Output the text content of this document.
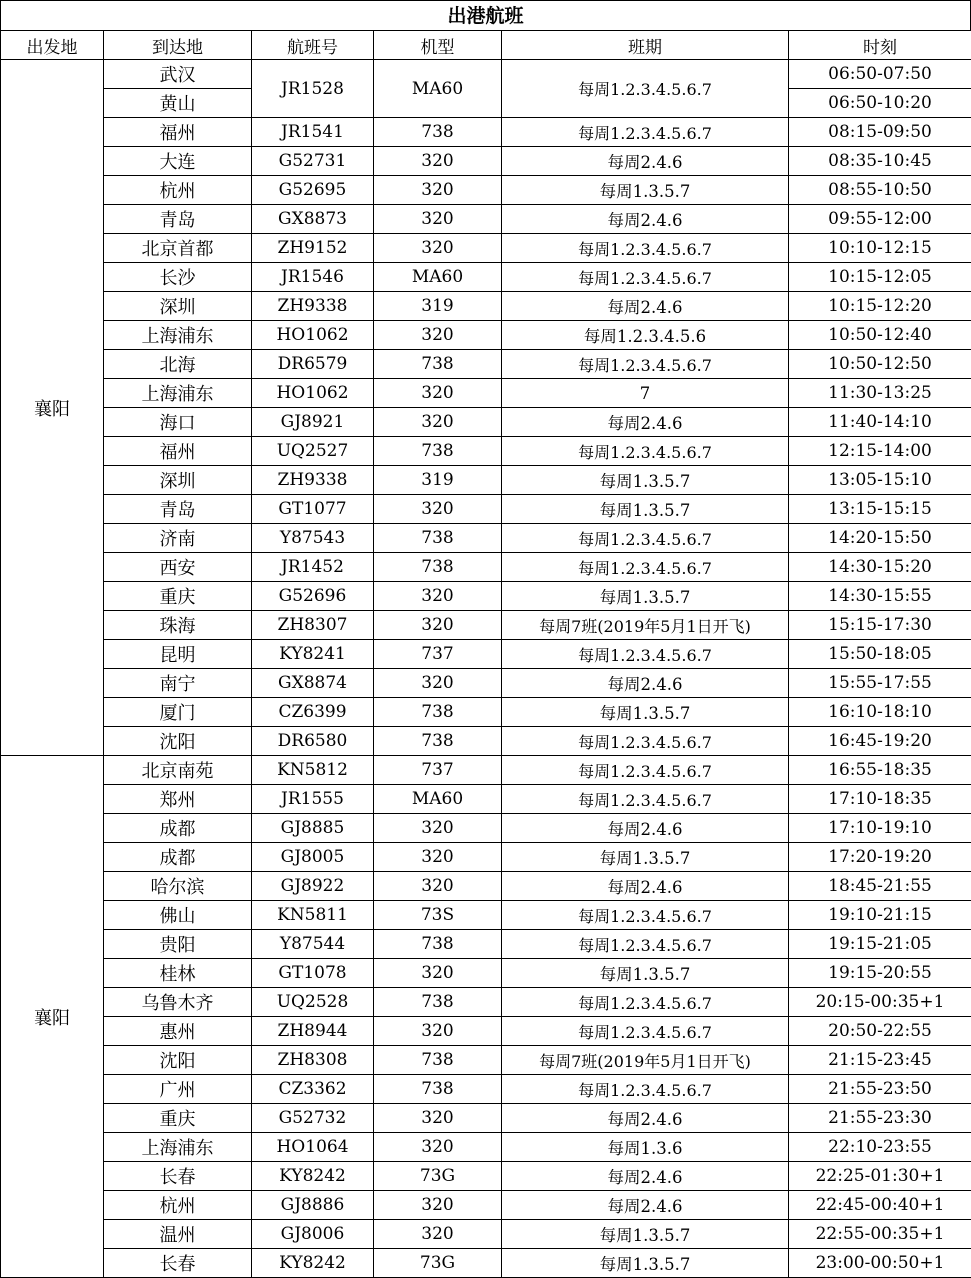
出港航班
出发地	到达地	航班号	机型	班期	时刻
襄阳	武汉	JR1528	MA60	每周1.2.3.4.5.6.7	06:50-07:50
	黄山				06:50-10:20
	福州	JR1541	738	每周1.2.3.4.5.6.7	08:15-09:50
	大连	G52731	320	每周2.4.6	08:35-10:45
	杭州	G52695	320	每周1.3.5.7	08:55-10:50
	青岛	GX8873	320	每周2.4.6	09:55-12:00
	北京首都	ZH9152	320	每周1.2.3.4.5.6.7	10:10-12:15
	长沙	JR1546	MA60	每周1.2.3.4.5.6.7	10:15-12:05
	深圳	ZH9338	319	每周2.4.6	10:15-12:20
	上海浦东	HO1062	320	每周1.2.3.4.5.6	10:50-12:40
	北海	DR6579	738	每周1.2.3.4.5.6.7	10:50-12:50
	上海浦东	HO1062	320	7	11:30-13:25
	海口	GJ8921	320	每周2.4.6	11:40-14:10
	福州	UQ2527	738	每周1.2.3.4.5.6.7	12:15-14:00
	深圳	ZH9338	319	每周1.3.5.7	13:05-15:10
	青岛	GT1077	320	每周1.3.5.7	13:15-15:15
	济南	Y87543	738	每周1.2.3.4.5.6.7	14:20-15:50
	西安	JR1452	738	每周1.2.3.4.5.6.7	14:30-15:20
	重庆	G52696	320	每周1.3.5.7	14:30-15:55
	珠海	ZH8307	320	每周7班(2019年5月1日开飞)	15:15-17:30
	昆明	KY8241	737	每周1.2.3.4.5.6.7	15:50-18:05
	南宁	GX8874	320	每周2.4.6	15:55-17:55
	厦门	CZ6399	738	每周1.3.5.7	16:10-18:10
	沈阳	DR6580	738	每周1.2.3.4.5.6.7	16:45-19:20
襄阳	北京南苑	KN5812	737	每周1.2.3.4.5.6.7	16:55-18:35
	郑州	JR1555	MA60	每周1.2.3.4.5.6.7	17:10-18:35
	成都	GJ8885	320	每周2.4.6	17:10-19:10
	成都	GJ8005	320	每周1.3.5.7	17:20-19:20
	哈尔滨	GJ8922	320	每周2.4.6	18:45-21:55
	佛山	KN5811	73S	每周1.2.3.4.5.6.7	19:10-21:15
	贵阳	Y87544	738	每周1.2.3.4.5.6.7	19:15-21:05
	桂林	GT1078	320	每周1.3.5.7	19:15-20:55
	乌鲁木齐	UQ2528	738	每周1.2.3.4.5.6.7	20:15-00:35+1
	惠州	ZH8944	320	每周1.2.3.4.5.6.7	20:50-22:55
	沈阳	ZH8308	738	每周7班(2019年5月1日开飞)	21:15-23:45
	广州	CZ3362	738	每周1.2.3.4.5.6.7	21:55-23:50
	重庆	G52732	320	每周2.4.6	21:55-23:30
	上海浦东	HO1064	320	每周1.3.6	22:10-23:55
	长春	KY8242	73G	每周2.4.6	22:25-01:30+1
	杭州	GJ8886	320	每周2.4.6	22:45-00:40+1
	温州	GJ8006	320	每周1.3.5.7	22:55-00:35+1
	长春	KY8242	73G	每周1.3.5.7	23:00-00:50+1
